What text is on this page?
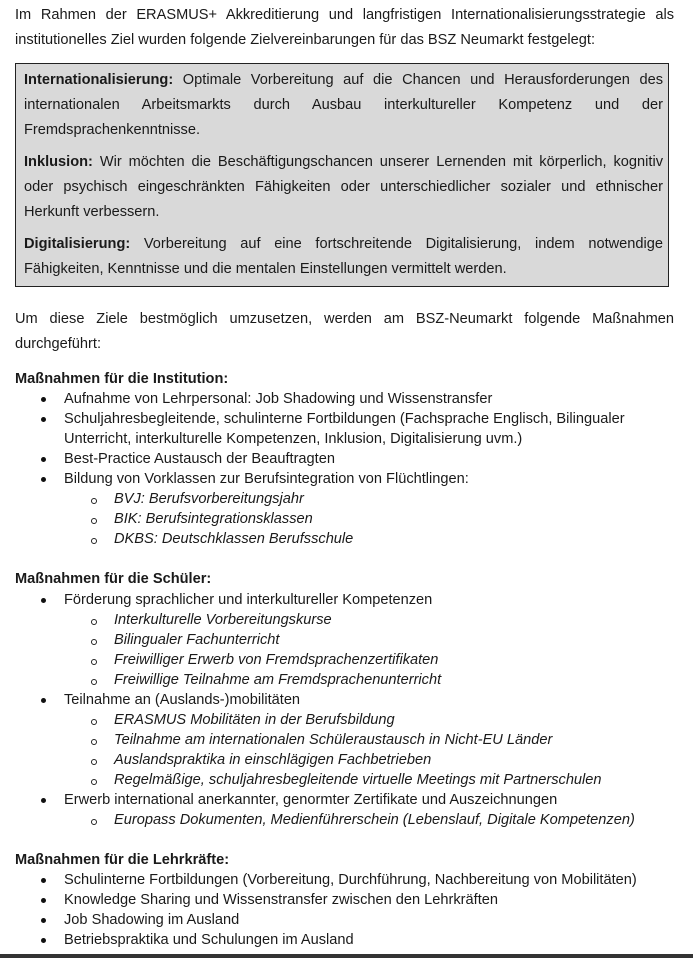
Im Rahmen der ERASMUS+ Akkreditierung und langfristigen Internationalisierungsstrategie als institutionelles Ziel wurden folgende Zielvereinbarungen für das BSZ Neumarkt festgelegt:

Internationalisierung: Optimale Vorbereitung auf die Chancen und Herausforderungen des internationalen Arbeitsmarkts durch Ausbau interkultureller Kompetenz und der Fremdsprachenkenntnisse.

Inklusion: Wir möchten die Beschäftigungschancen unserer Lernenden mit körperlich, kognitiv oder psychisch eingeschränkten Fähigkeiten oder unterschiedlicher sozialer und ethnischer Herkunft verbessern.

Digitalisierung: Vorbereitung auf eine fortschreitende Digitalisierung, indem notwendige Fähigkeiten, Kenntnisse und die mentalen Einstellungen vermittelt werden.

Um diese Ziele bestmöglich umzusetzen, werden am BSZ-Neumarkt folgende Maßnahmen durchgeführt:

Maßnahmen für die Institution:
Aufnahme von Lehrpersonal: Job Shadowing und Wissenstransfer
Schuljahresbegleitende, schulinterne Fortbildungen (Fachsprache Englisch, Bilingualer
Unterricht, interkulturelle Kompetenzen, Inklusion, Digitalisierung uvm.)
Best-Practice Austausch der Beauftragten
Bildung von Vorklassen zur Berufsintegration von Flüchtlingen:
BVJ: Berufsvorbereitungsjahr
BIK: Berufsintegrationsklassen
DKBS: Deutschklassen Berufsschule
Maßnahmen für die Schüler:
Förderung sprachlicher und interkultureller Kompetenzen
Interkulturelle Vorbereitungskurse
Bilingualer Fachunterricht
Freiwilliger Erwerb von Fremdsprachenzertifikaten
Freiwillige Teilnahme am Fremdsprachenunterricht
Teilnahme an (Auslands-)mobilitäten
ERASMUS Mobilitäten in der Berufsbildung
Teilnahme am internationalen Schüleraustausch in Nicht-EU Länder
Auslandspraktika in einschlägigen Fachbetrieben
Regelmäßige, schuljahresbegleitende virtuelle Meetings mit Partnerschulen
Erwerb international anerkannter, genormter Zertifikate und Auszeichnungen
Europass Dokumenten, Medienführerschein (Lebenslauf, Digitale Kompetenzen)
Maßnahmen für die Lehrkräfte:
Schulinterne Fortbildungen (Vorbereitung, Durchführung, Nachbereitung von Mobilitäten)
Knowledge Sharing und Wissenstransfer zwischen den Lehrkräften
Job Shadowing im Ausland
Betriebspraktika und Schulungen im Ausland
